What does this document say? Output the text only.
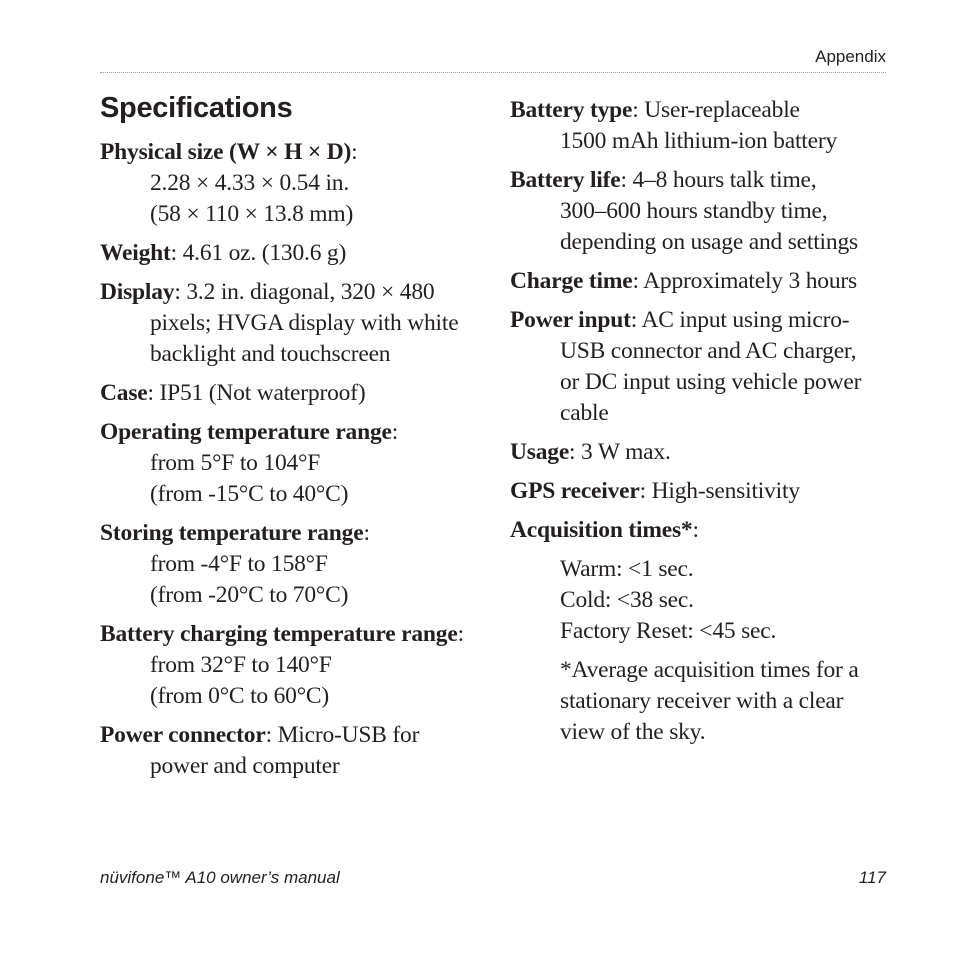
Appendix
Specifications
Physical size (W × H × D):
2.28 × 4.33 × 0.54 in.
(58 × 110 × 13.8 mm)
Weight: 4.61 oz. (130.6 g)
Display: 3.2 in. diagonal, 320 × 480
pixels; HVGA display with white
backlight and touchscreen
Case: IP51 (Not waterproof)
Operating temperature range:
from 5°F to 104°F
(from -15°C to 40°C)
Storing temperature range:
from -4°F to 158°F
(from -20°C to 70°C)
Battery charging temperature range:
from 32°F to 140°F
(from 0°C to 60°C)
Power connector: Micro-USB for
power and computer
Battery type: User-replaceable
1500 mAh lithium-ion battery
Battery life: 4–8 hours talk time,
300–600 hours standby time,
depending on usage and settings
Charge time: Approximately 3 hours
Power input: AC input using micro-
USB connector and AC charger,
or DC input using vehicle power
cable
Usage: 3 W max.
GPS receiver: High-sensitivity
Acquisition times*:
Warm: <1 sec.
Cold: <38 sec.
Factory Reset: <45 sec.
*Average acquisition times for a
stationary receiver with a clear
view of the sky.
nüvifone™ A10 owner’s manual	117
